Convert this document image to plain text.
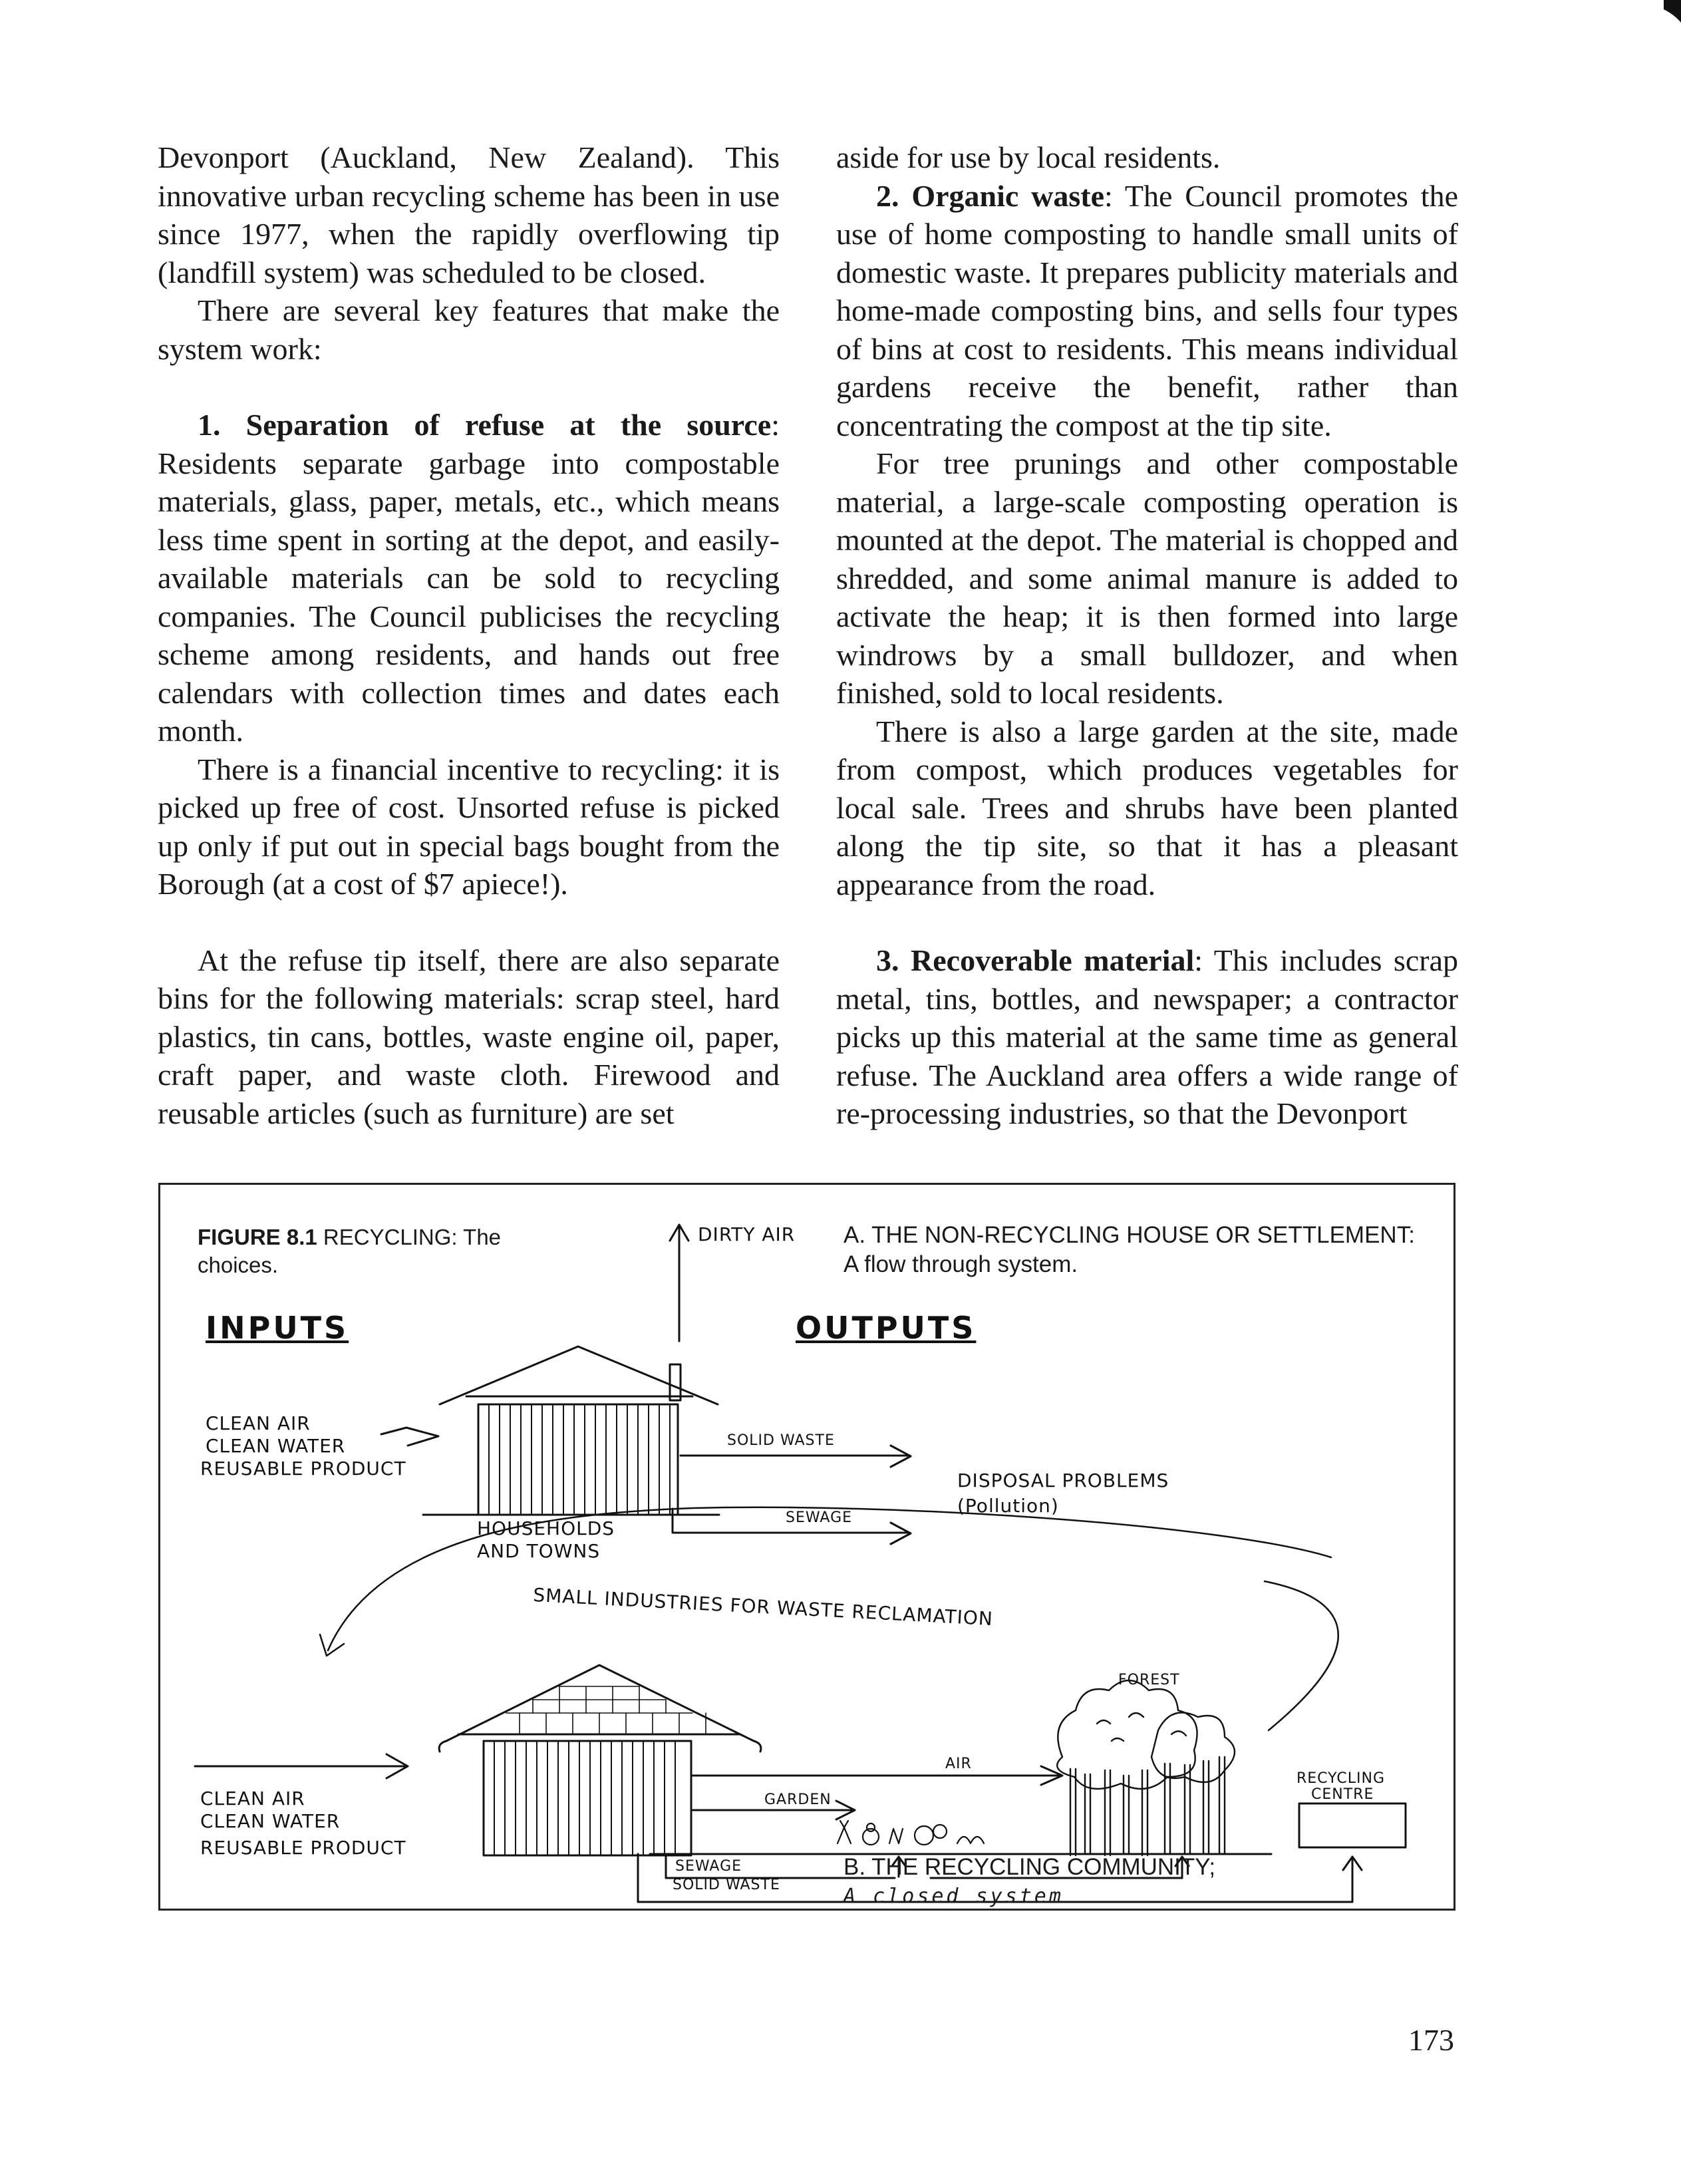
Devonport (Auckland, New Zealand). This innovative urban recycling scheme has been in use since 1977, when the rapidly overflowing tip (landfill system) was scheduled to be closed.

There are several key features that make the system work:

1. Separation of refuse at the source: Residents separate garbage into compostable materials, glass, paper, metals, etc., which means less time spent in sorting at the depot, and easily-available materials can be sold to recycling companies. The Council publicises the recycling scheme among residents, and hands out free calendars with collection times and dates each month.

There is a financial incentive to recycling: it is picked up free of cost. Unsorted refuse is picked up only if put out in special bags bought from the Borough (at a cost of $7 apiece!).

At the refuse tip itself, there are also separate bins for the following materials: scrap steel, hard plastics, tin cans, bottles, waste engine oil, paper, craft paper, and waste cloth. Firewood and reusable articles (such as furniture) are set

aside for use by local residents.

2. Organic waste: The Council promotes the use of home composting to handle small units of domestic waste. It prepares publicity materials and home-made composting bins, and sells four types of bins at cost to residents. This means individual gardens receive the benefit, rather than concentrating the compost at the tip site.

For tree prunings and other compostable material, a large-scale composting operation is mounted at the depot. The material is chopped and shredded, and some animal manure is added to activate the heap; it is then formed into large windrows by a small bulldozer, and when finished, sold to local residents.

There is also a large garden at the site, made from compost, which produces vegetables for local sale. Trees and shrubs have been planted along the tip site, so that it has a pleasant appearance from the road.

3. Recoverable material: This includes scrap metal, tins, bottles, and newspaper; a contractor picks up this material at the same time as general refuse. The Auckland area offers a wide range of re-processing industries, so that the Devonport

FIGURE 8.1 RECYCLING: The choices.
A. THE NON-RECYCLING HOUSE OR SETTLEMENT:
A flow through system.
B. THE RECYCLING COMMUNITY;
A closed system
INPUTS	OUTPUTS
DIRTY AIR
CLEAN AIR
CLEAN WATER
REUSABLE PRODUCT
SOLID WASTE
SEWAGE
DISPOSAL PROBLEMS
(Pollution)
HOUSEHOLDS
AND TOWNS
SMALL INDUSTRIES FOR WASTE RECLAMATION
FOREST
AIR
GARDEN
RECYCLING
CENTRE
CLEAN AIR
CLEAN WATER
REUSABLE PRODUCT
SEWAGE
SOLID WASTE
173
